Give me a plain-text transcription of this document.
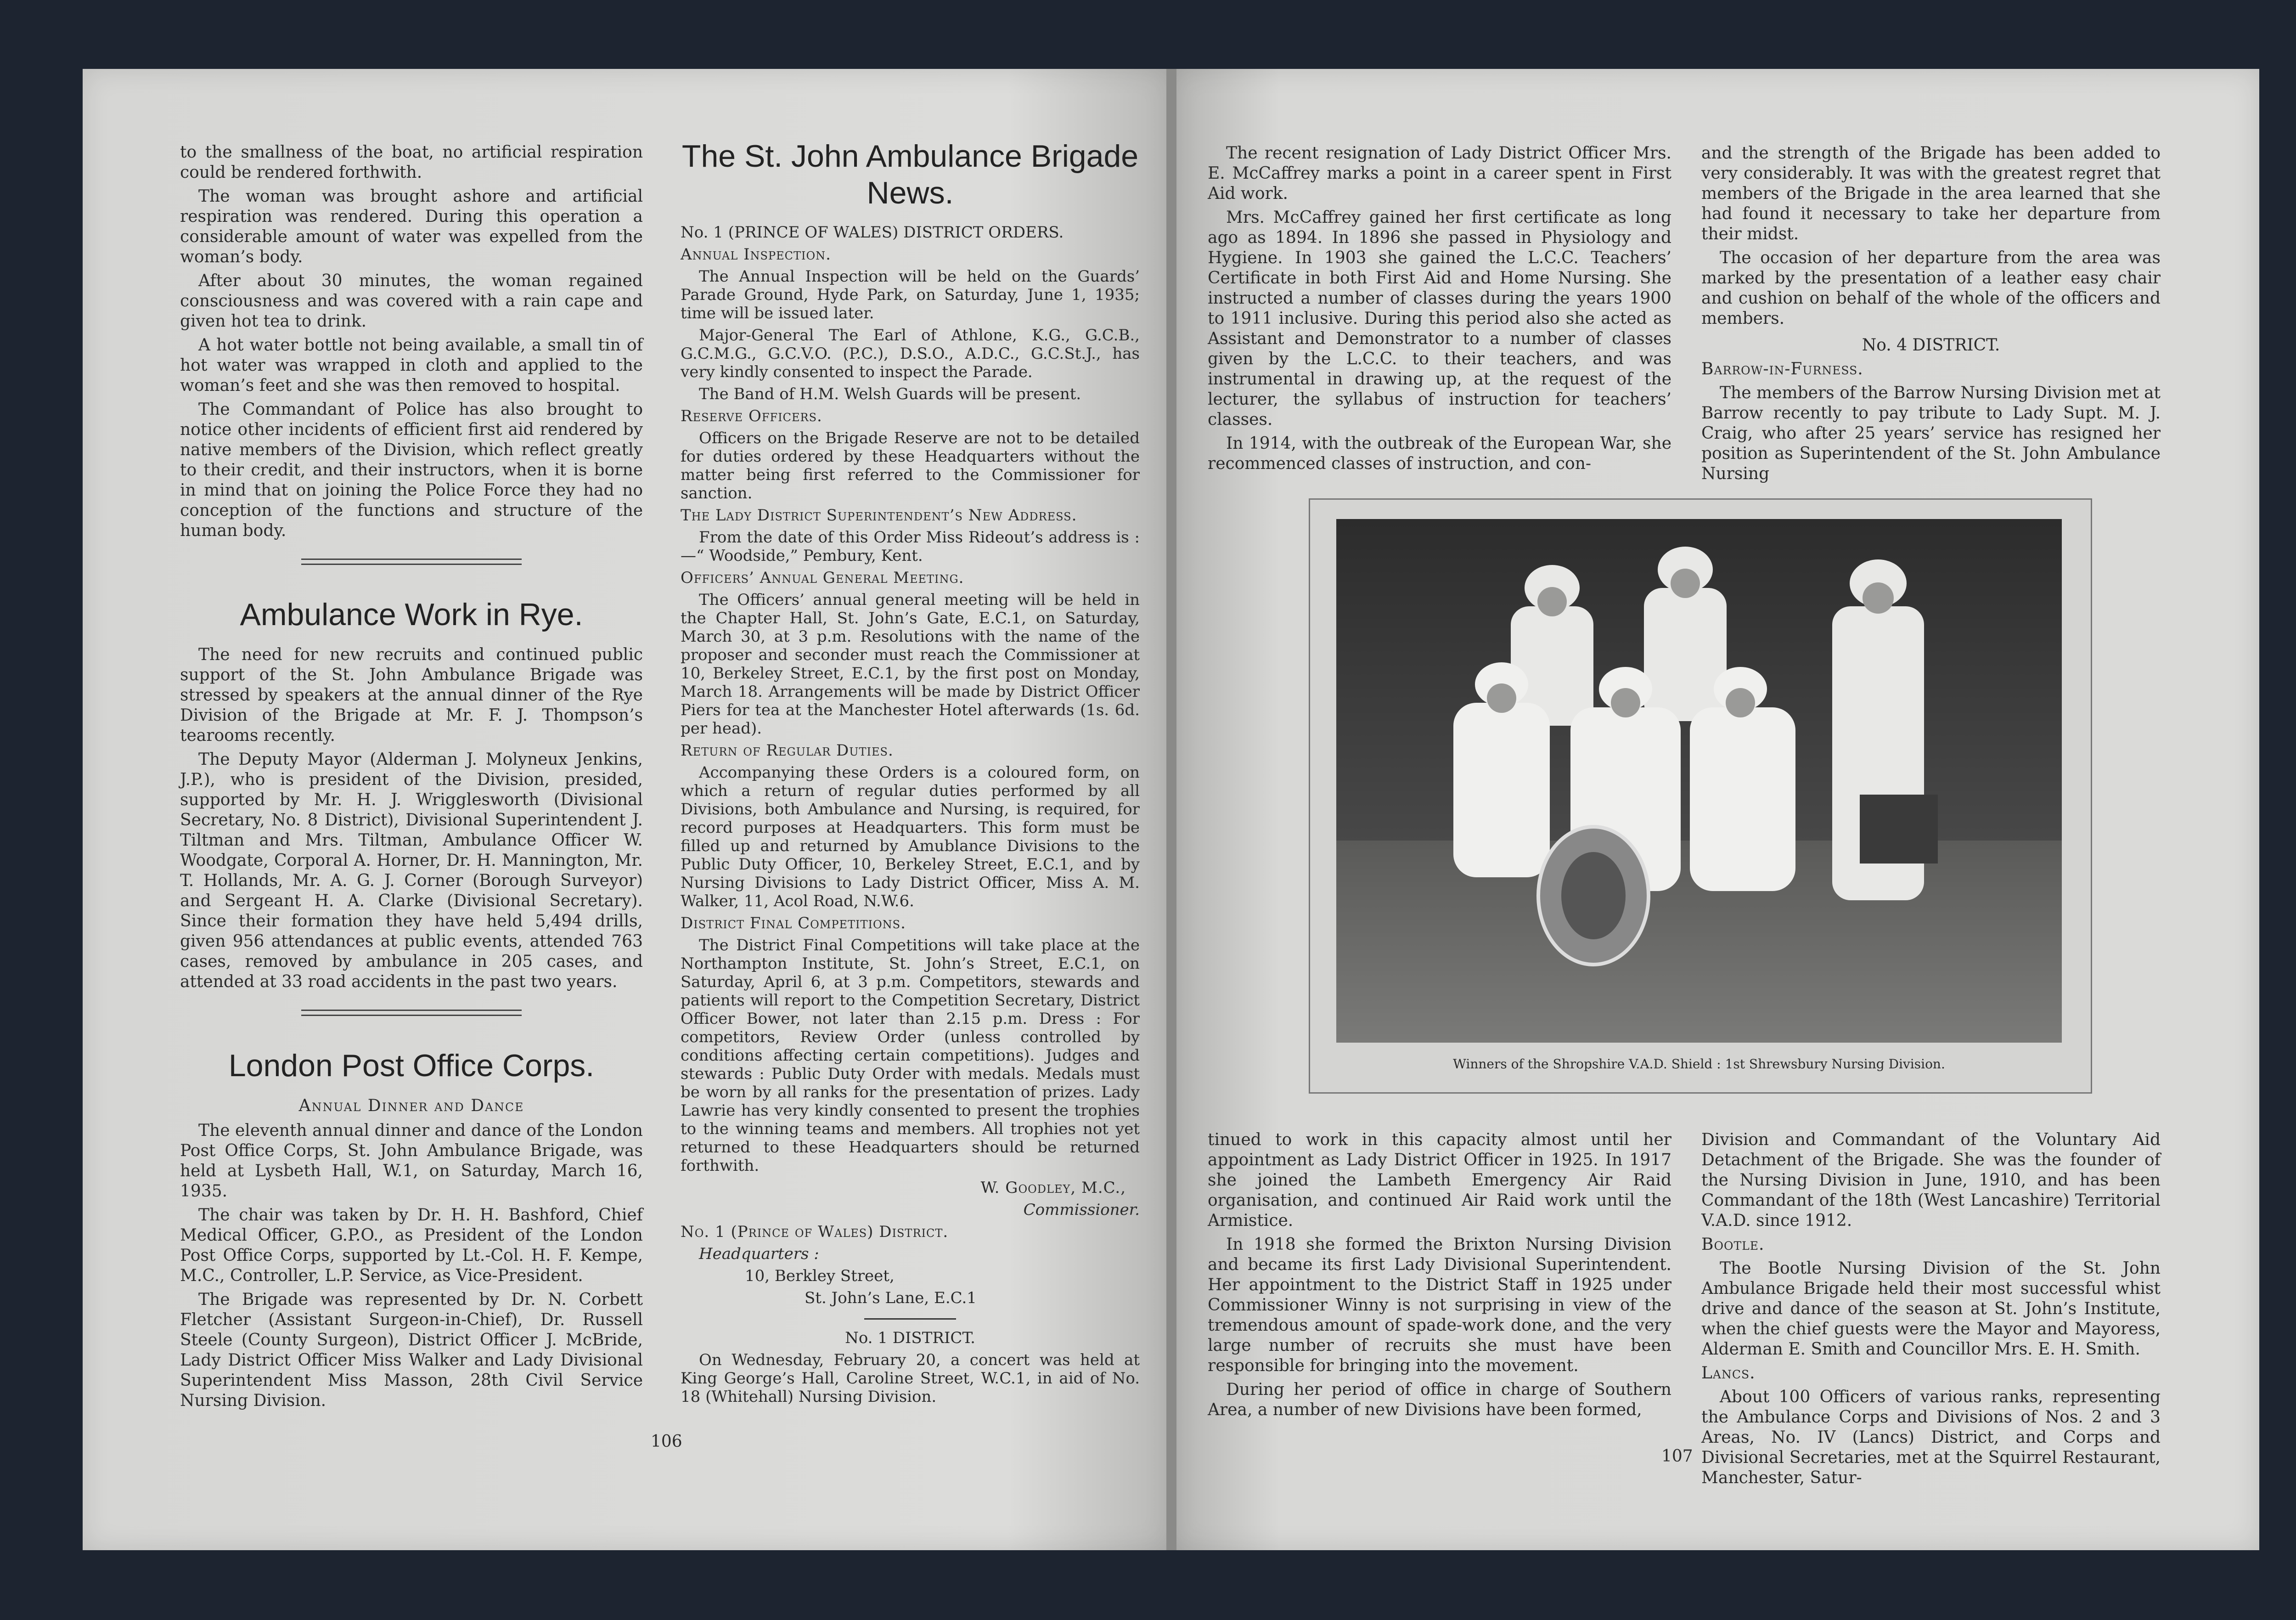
to the smallness of the boat, no artificial respiration could be rendered forthwith.

The woman was brought ashore and artificial respiration was rendered. During this operation a considerable amount of water was expelled from the woman’s body.

After about 30 minutes, the woman regained consciousness and was covered with a rain cape and given hot tea to drink.

A hot water bottle not being available, a small tin of hot water was wrapped in cloth and applied to the woman’s feet and she was then removed to hospital.

The Commandant of Police has also brought to notice other incidents of efficient first aid rendered by native members of the Division, which reflect greatly to their credit, and their instructors, when it is borne in mind that on joining the Police Force they had no conception of the functions and structure of the human body.

Ambulance Work in Rye.

The need for new recruits and continued public support of the St. John Ambulance Brigade was stressed by speakers at the annual dinner of the Rye Division of the Brigade at Mr. F. J. Thompson’s tearooms recently.

The Deputy Mayor (Alderman J. Molyneux Jenkins, J.P.), who is president of the Division, presided, supported by Mr. H. J. Wrigglesworth (Divisional Secretary, No. 8 District), Divisional Superintendent J. Tiltman and Mrs. Tiltman, Ambulance Officer W. Woodgate, Corporal A. Horner, Dr. H. Mannington, Mr. T. Hollands, Mr. A. G. J. Corner (Borough Surveyor) and Sergeant H. A. Clarke (Divisional Secretary). Since their formation they have held 5,494 drills, given 956 attendances at public events, attended 763 cases, removed by ambulance in 205 cases, and attended at 33 road accidents in the past two years.

London Post Office Corps.
Annual Dinner and Dance

The eleventh annual dinner and dance of the London Post Office Corps, St. John Ambulance Brigade, was held at Lysbeth Hall, W.1, on Saturday, March 16, 1935.

The chair was taken by Dr. H. H. Bashford, Chief Medical Officer, G.P.O., as President of the London Post Office Corps, supported by Lt.-Col. H. F. Kempe, M.C., Controller, L.P. Service, as Vice-President.

The Brigade was represented by Dr. N. Corbett Fletcher (Assistant Surgeon-in-Chief), Dr. Russell Steele (County Surgeon), District Officer J. McBride, Lady District Officer Miss Walker and Lady Divisional Superintendent Miss Masson, 28th Civil Service Nursing Division.

The St. John Ambulance Brigade News.

No. 1 (PRINCE OF WALES) DISTRICT ORDERS.

Annual Inspection.

The Annual Inspection will be held on the Guards’ Parade Ground, Hyde Park, on Saturday, June 1, 1935; time will be issued later.

Major-General The Earl of Athlone, K.G., G.C.B., G.C.M.G., G.C.V.O. (P.C.), D.S.O., A.D.C., G.C.St.J., has very kindly consented to inspect the Parade.

The Band of H.M. Welsh Guards will be present.

Reserve Officers.

Officers on the Brigade Reserve are not to be detailed for duties ordered by these Headquarters without the matter being first referred to the Commissioner for sanction.

The Lady District Superintendent’s New Address.

From the date of this Order Miss Rideout’s address is :—“ Woodside,” Pembury, Kent.

Officers’ Annual General Meeting.

The Officers’ annual general meeting will be held in the Chapter Hall, St. John’s Gate, E.C.1, on Saturday, March 30, at 3 p.m. Resolutions with the name of the proposer and seconder must reach the Commissioner at 10, Berkeley Street, E.C.1, by the first post on Monday, March 18. Arrangements will be made by District Officer Piers for tea at the Manchester Hotel afterwards (1s. 6d. per head).

Return of Regular Duties.

Accompanying these Orders is a coloured form, on which a return of regular duties performed by all Divisions, both Ambulance and Nursing, is required, for record purposes at Headquarters. This form must be filled up and returned by Amublance Divisions to the Public Duty Officer, 10, Berkeley Street, E.C.1, and by Nursing Divisions to Lady District Officer, Miss A. M. Walker, 11, Acol Road, N.W.6.

District Final Competitions.

The District Final Competitions will take place at the Northampton Institute, St. John’s Street, E.C.1, on Saturday, April 6, at 3 p.m. Competitors, stewards and patients will report to the Competition Secretary, District Officer Bower, not later than 2.15 p.m. Dress : For competitors, Review Order (unless controlled by conditions affecting certain competitions). Judges and stewards : Public Duty Order with medals. Medals must be worn by all ranks for the presentation of prizes. Lady Lawrie has very kindly consented to present the trophies to the winning teams and members. All trophies not yet returned to these Headquarters should be returned forthwith.

W. Goodley, M.C.,

Commissioner.

No. 1 (Prince of Wales) District.

Headquarters :

10, Berkley Street,

St. John’s Lane, E.C.1

No. 1 DISTRICT.

On Wednesday, February 20, a concert was held at King George’s Hall, Caroline Street, W.C.1, in aid of No. 18 (Whitehall) Nursing Division.

106

The recent resignation of Lady District Officer Mrs. E. McCaffrey marks a point in a career spent in First Aid work.

Mrs. McCaffrey gained her first certificate as long ago as 1894. In 1896 she passed in Physiology and Hygiene. In 1903 she gained the L.C.C. Teachers’ Certificate in both First Aid and Home Nursing. She instructed a number of classes during the years 1900 to 1911 inclusive. During this period also she acted as Assistant and Demonstrator to a number of classes given by the L.C.C. to their teachers, and was instrumental in drawing up, at the request of the lecturer, the syllabus of instruction for teachers’ classes.

In 1914, with the outbreak of the European War, she recommenced classes of instruction, and con-

and the strength of the Brigade has been added to very considerably. It was with the greatest regret that members of the Brigade in the area learned that she had found it necessary to take her departure from their midst.

The occasion of her departure from the area was marked by the presentation of a leather easy chair and cushion on behalf of the whole of the officers and members.

No. 4 DISTRICT.

Barrow-in-Furness.

The members of the Barrow Nursing Division met at Barrow recently to pay tribute to Lady Supt. M. J. Craig, who after 25 years’ service has resigned her position as Superintendent of the St. John Ambulance Nursing

Winners of the Shropshire V.A.D. Shield : 1st Shrewsbury Nursing Division.

tinued to work in this capacity almost until her appointment as Lady District Officer in 1925. In 1917 she joined the Lambeth Emergency Air Raid organisation, and continued Air Raid work until the Armistice.

In 1918 she formed the Brixton Nursing Division and became its first Lady Divisional Superintendent. Her appointment to the District Staff in 1925 under Commissioner Winny is not surprising in view of the tremendous amount of spade-work done, and the very large number of recruits she must have been responsible for bringing into the movement.

During her period of office in charge of Southern Area, a number of new Divisions have been formed,

Division and Commandant of the Voluntary Aid Detachment of the Brigade. She was the founder of the Nursing Division in June, 1910, and has been Commandant of the 18th (West Lancashire) Territorial V.A.D. since 1912.

Bootle.

The Bootle Nursing Division of the St. John Ambulance Brigade held their most successful whist drive and dance of the season at St. John’s Institute, when the chief guests were the Mayor and Mayoress, Alderman E. Smith and Councillor Mrs. E. H. Smith.

Lancs.

About 100 Officers of various ranks, representing the Ambulance Corps and Divisions of Nos. 2 and 3 Areas, No. IV (Lancs) District, and Corps and Divisional Secretaries, met at the Squirrel Restaurant, Manchester, Satur-

107
